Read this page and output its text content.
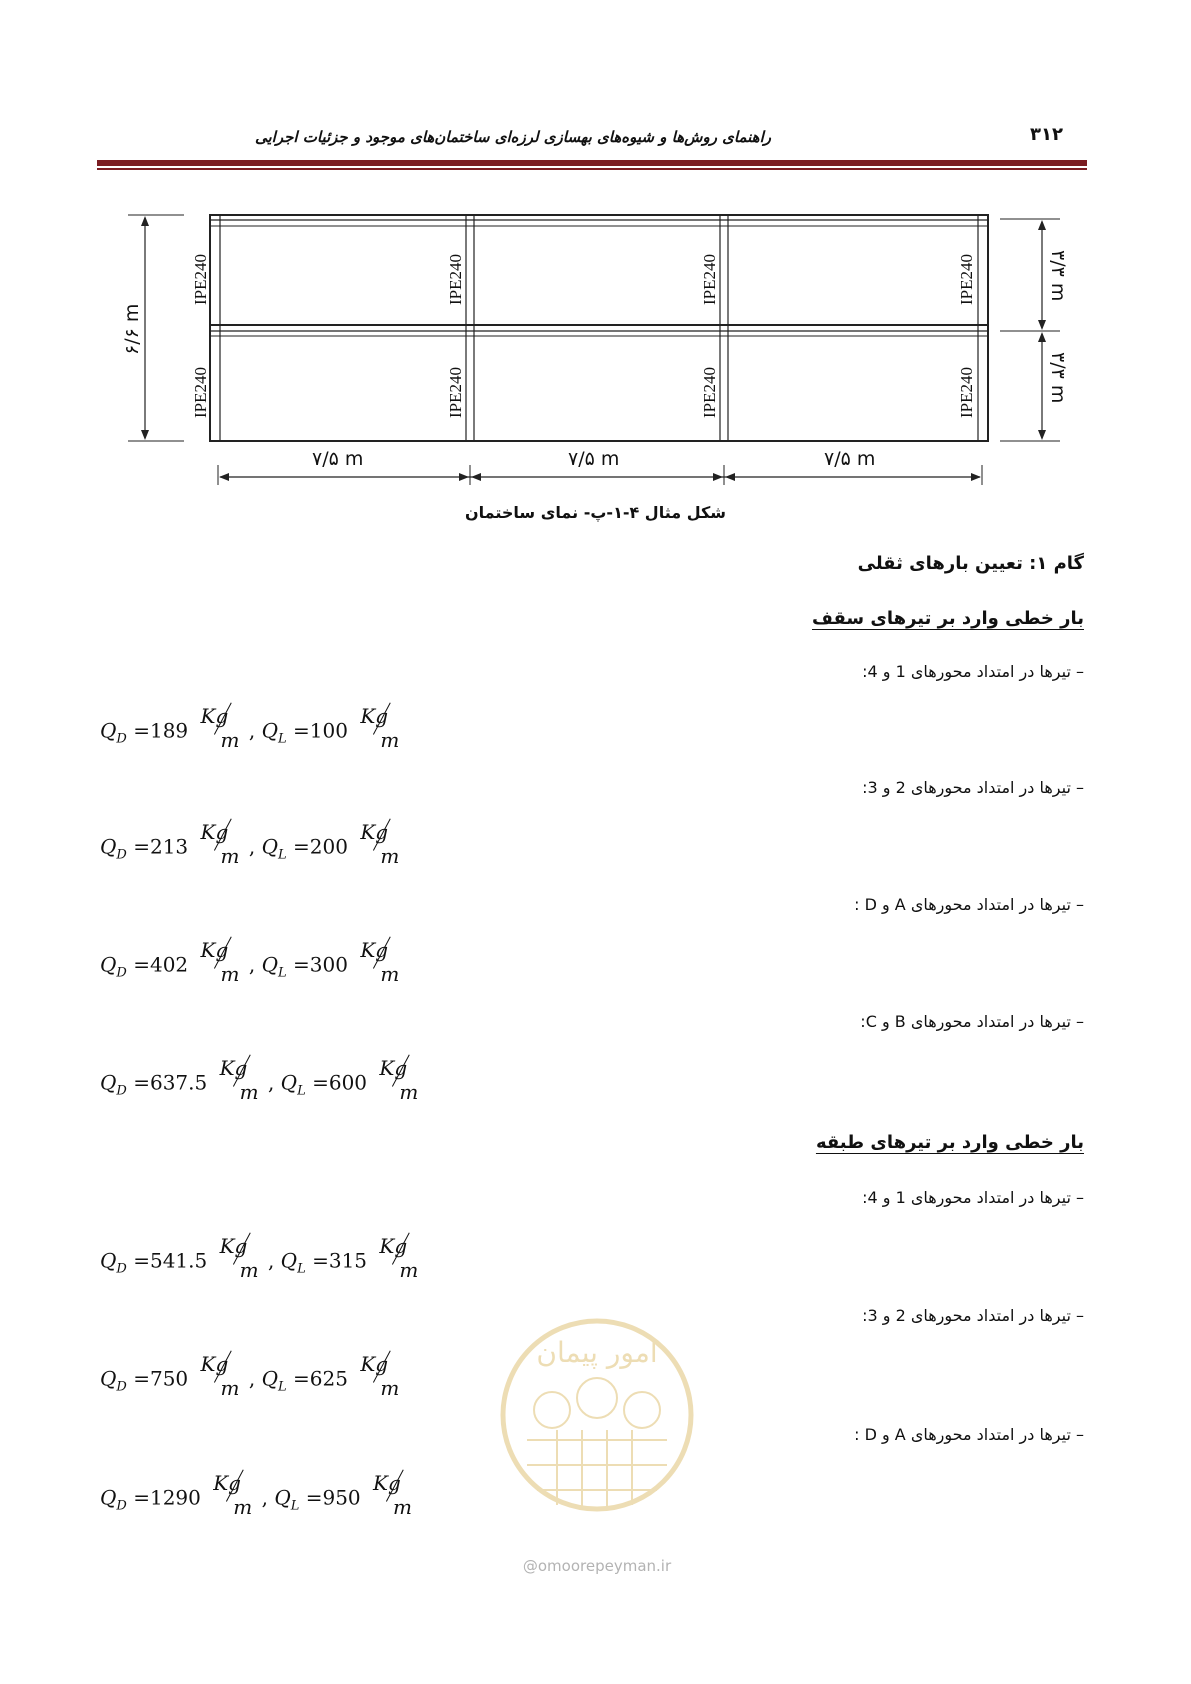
راهنمای روش‌ها و شیوه‌های بهسازی لرزه‌ای ساختمان‌های موجود و جزئیات اجرایی	۳۱۲
IPE240	IPE240	IPE240	IPE240
IPE240	IPE240	IPE240	IPE240
۷/۵ m	۷/۵ m	۷/۵ m
۶/۶ m
۳/۳ m
۳/۳ m
شکل مثال ۴-۱-پ- نمای ساختمان
گام ۱: تعیین بارهای ثقلی
بار خطی وارد بر تیرهای سقف
– تیرها در امتداد محورهای 1 و 4:
$Q_D =189$
Kg
m , $Q_L =100$
Kg
m
– تیرها در امتداد محورهای 2 و 3:
$Q_D =213$
Kg
m , $Q_L =200$
Kg
m
– تیرها در امتداد محورهای A و D :
$Q_D =402$
Kg
m , $Q_L =300$
Kg
m
– تیرها در امتداد محورهای B و C:
$Q_D =637.5$
Kg
m , $Q_L =600$
Kg
m
بار خطی وارد بر تیرهای طبقه
– تیرها در امتداد محورهای 1 و 4:
$Q_D =541.5$
Kg
m , $Q_L =315$
Kg
m
– تیرها در امتداد محورهای 2 و 3:
$Q_D =750$
Kg
m , $Q_L =625$
Kg
m
– تیرها در امتداد محورهای A و D :
$Q_D =1290$
Kg
m , $Q_L =950$
Kg
m
امور پیمان
@omoorepeyman.ir
